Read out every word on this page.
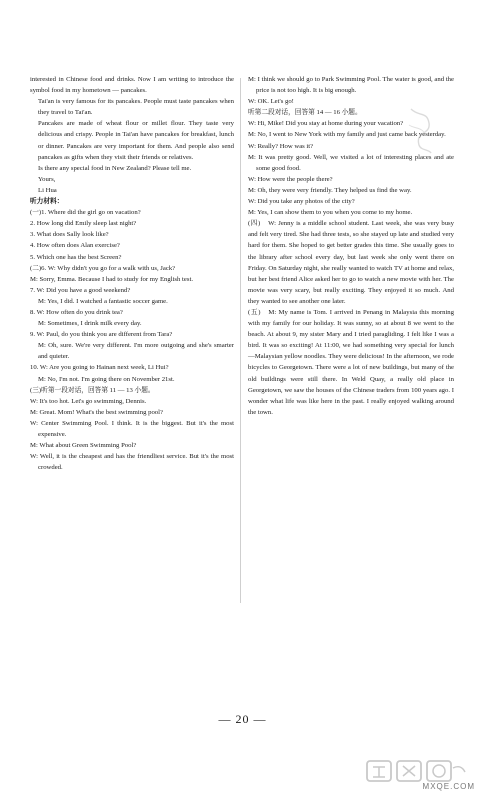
interested in Chinese food and drinks. Now I am writing to introduce the symbol food in my hometown — pancakes.

Tai'an is very famous for its pancakes. People must taste pancakes when they travel to Tai'an.

Pancakes are made of wheat flour or millet flour. They taste very delicious and crispy. People in Tai'an have pancakes for breakfast, lunch or dinner. Pancakes are very important for them. And people also send pancakes as gifts when they visit their friends or relatives.

Is there any special food in New Zealand? Please tell me.

Yours,

Li Hua

听力材料：

(一)1. Where did the girl go on vacation?

2. How long did Emily sleep last night?

3. What does Sally look like?

4. How often does Alan exercise?

5. Which one has the best Screen?

(二)6. W: Why didn't you go for a walk with us, Jack?

M: Sorry, Emma. Because I had to study for my English test.

7. W: Did you have a good weekend?

M: Yes, I did. I watched a fantastic soccer game.

8. W: How often do you drink tea?

M: Sometimes, I drink milk every day.

9. W: Paul, do you think you are different from Tara?

M: Oh, sure. We're very different. I'm more outgoing and she's smarter and quieter.

10. W: Are you going to Hainan next week, Li Hui?

M: No, I'm not. I'm going there on November 21st.

(三)听第一段对话，回答第 11 — 13 小题。

W: It's too hot. Let's go swimming, Dennis.

M: Great. Mom! What's the best swimming pool?

W: Center Swimming Pool. I think. It is the biggest. But it's the most expensive.

M: What about Green Swimming Pool?

W: Well, it is the cheapest and has the friendliest service. But it's the most crowded.

M: I think we should go to Park Swimming Pool. The water is good, and the price is not too high. It is big enough.

W: OK. Let's go!

听第二段对话，回答第 14 — 16 小题。

W: Hi, Mike! Did you stay at home during your vacation?

M: No, I went to New York with my family and just came back yesterday.

W: Really? How was it?

M: It was pretty good. Well, we visited a lot of interesting places and ate some good food.

W: How were the people there?

M: Oh, they were very friendly. They helped us find the way.

W: Did you take any photos of the city?

M: Yes, I can show them to you when you come to my home.

(四)　W: Jenny is a middle school student. Last week, she was very busy and felt very tired. She had three tests, so she stayed up late and studied very hard for them. She hoped to get better grades this time. She usually goes to the library after school every day, but last week she only went there on Friday. On Saturday night, she really wanted to watch TV at home and relax, but her best friend Alice asked her to go to watch a new movie with her. The movie was very scary, but really exciting. They enjoyed it so much. And they wanted to see another one later.

(五)　M: My name is Tom. I arrived in Penang in Malaysia this morning with my family for our holiday. It was sunny, so at about 8 we went to the beach. At about 9, my sister Mary and I tried paragliding. I felt like I was a bird. It was so exciting! At 11:00, we had something very special for lunch—Malaysian yellow noodles. They were delicious! In the afternoon, we rode bicycles to Georgetown. There were a lot of new buildings, but many of the old buildings were still there. In Weld Quay, a really old place in Georgetown, we saw the houses of the Chinese traders from 100 years ago. I wonder what life was like here in the past. I really enjoyed walking around the town.

— 20 —
MXQE.COM
